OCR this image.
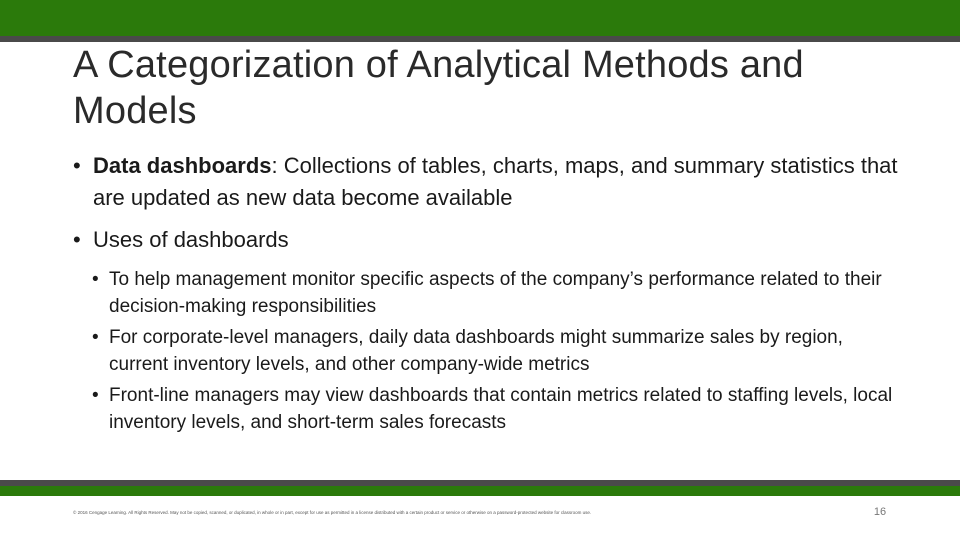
A Categorization of Analytical Methods and Models
• Data dashboards: Collections of tables, charts, maps, and summary statistics that are updated as new data become available
• Uses of dashboards
• To help management monitor specific aspects of the company’s performance related to their decision-making responsibilities
• For corporate-level managers, daily data dashboards might summarize sales by region, current inventory levels, and other company-wide metrics
• Front-line managers may view dashboards that contain metrics related to staffing levels, local inventory levels, and short-term sales forecasts
© 2016 Cengage Learning. All Rights Reserved. May not be copied, scanned, or duplicated, in whole or in part, except for use as permitted in a license distributed with a certain product or service or otherwise on a password-protected website for classroom use.	16
